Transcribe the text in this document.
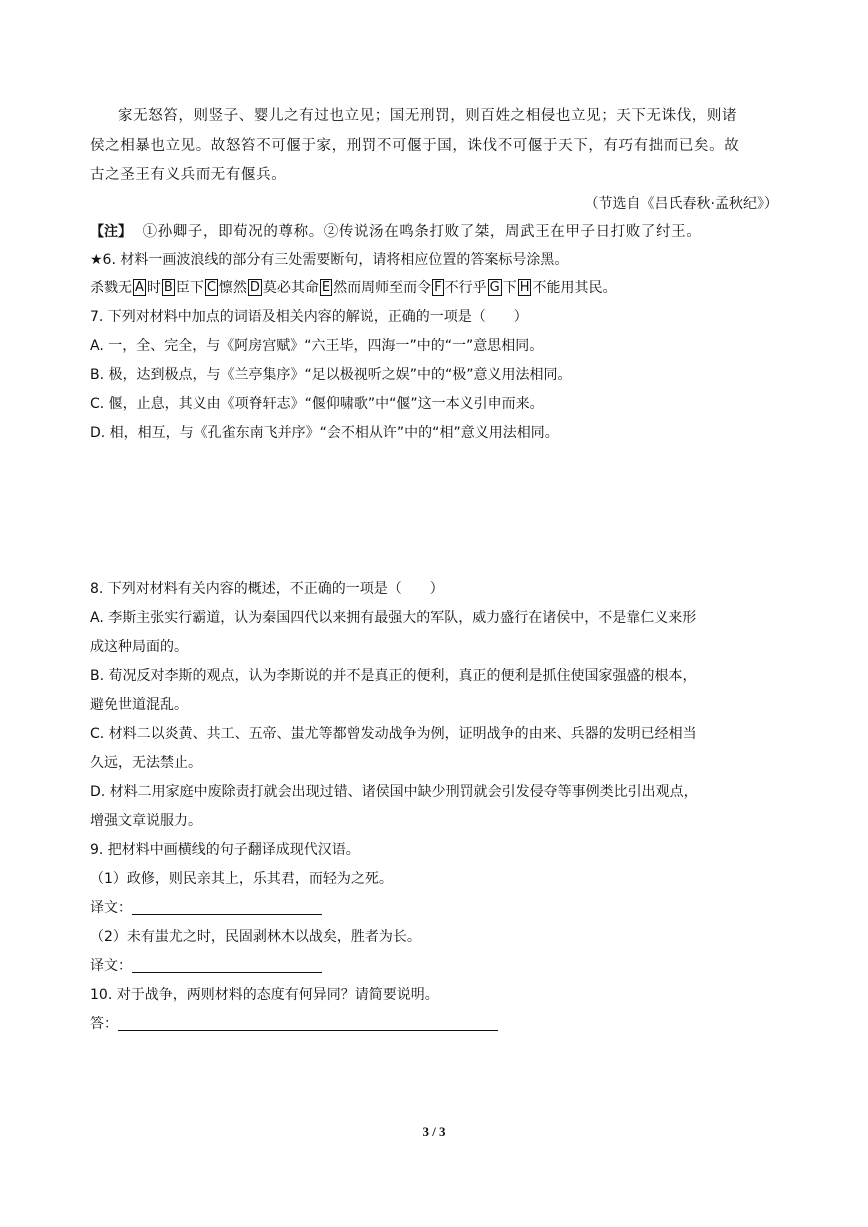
家无怒笞，则竖子、婴儿之有过也立见；国无刑罚，则百姓之相侵也立见；天下无诛伐，则诸
侯之相暴也立见。故怒笞不可偃于家，刑罚不可偃于国，诛伐不可偃于天下，有巧有拙而已矣。故
古之圣王有义兵而无有偃兵。
（节选自《吕氏春秋·孟秋纪》）
【注】 ①孙卿子，即荀况的尊称。②传说汤在鸣条打败了桀，周武王在甲子日打败了纣王。
★6. 材料一画波浪线的部分有三处需要断句，请将相应位置的答案标号涂黑。
杀戮无 A 时 B 臣下 C 懔然 D 莫必其命 E 然而周师至而令 F 不行乎 G 下 H 不能用其民。
7. 下列对材料中加点的词语及相关内容的解说，正确的一项是（　　）
A. 一，全、完全，与《阿房宫赋》“六王毕，四海一”中的“一”意思相同。
B. 极，达到极点，与《兰亭集序》“足以极视听之娱”中的“极”意义用法相同。
C. 偃，止息，其义由《项脊轩志》“偃仰啸歌”中“偃”这一本义引申而来。
D. 相，相互，与《孔雀东南飞并序》“会不相从许”中的“相”意义用法相同。
8. 下列对材料有关内容的概述，不正确的一项是（　　）
A. 李斯主张实行霸道，认为秦国四代以来拥有最强大的军队，威力盛行在诸侯中，不是靠仁义来形
成这种局面的。
B. 荀况反对李斯的观点，认为李斯说的并不是真正的便利，真正的便利是抓住使国家强盛的根本，
避免世道混乱。
C. 材料二以炎黄、共工、五帝、蚩尤等都曾发动战争为例，证明战争的由来、兵器的发明已经相当
久远，无法禁止。
D. 材料二用家庭中废除责打就会出现过错、诸侯国中缺少刑罚就会引发侵夺等事例类比引出观点，
增强文章说服力。
9. 把材料中画横线的句子翻译成现代汉语。
（1）政修，则民亲其上，乐其君，而轻为之死。
译文：
（2）未有蚩尤之时，民固剥林木以战矣，胜者为长。
译文：
10. 对于战争，两则材料的态度有何异同？请简要说明。
答：
3 / 3
